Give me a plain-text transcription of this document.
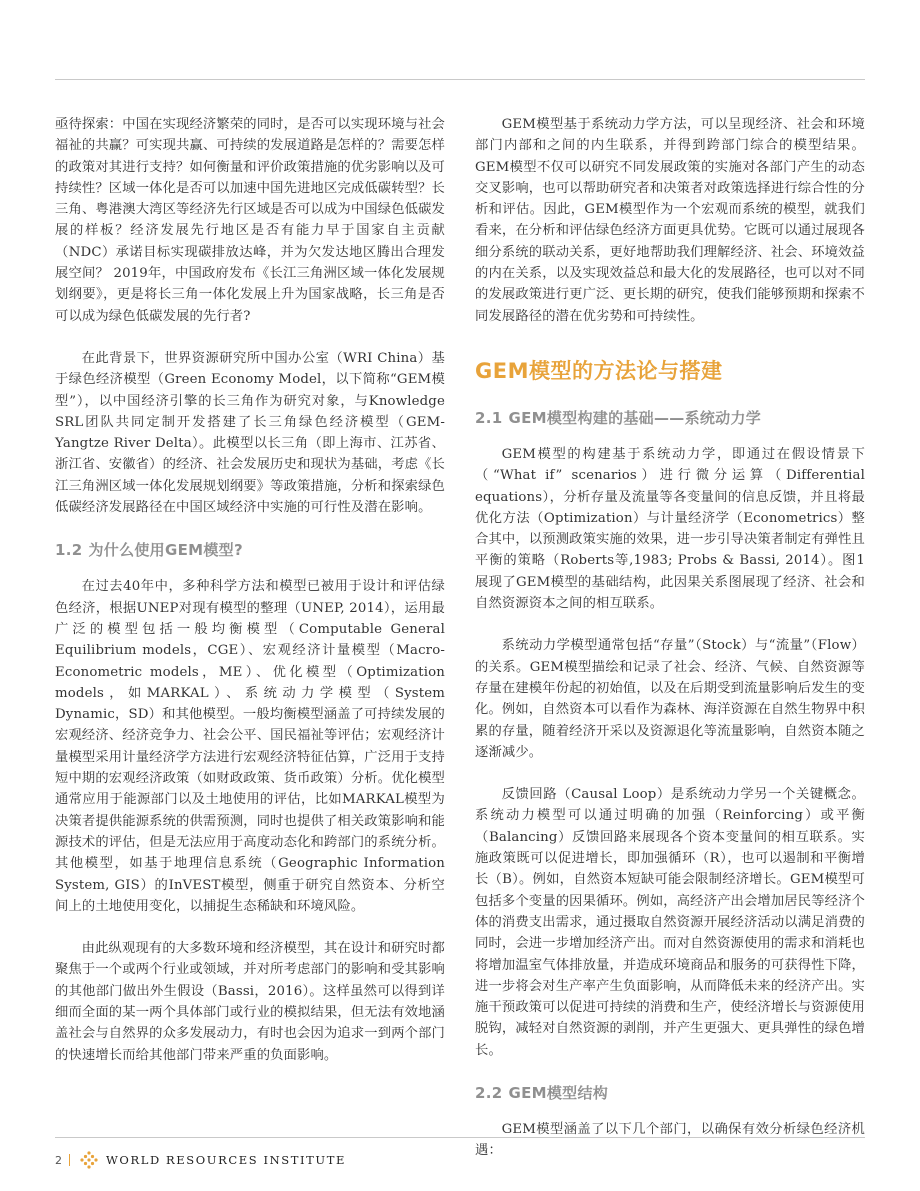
亟待探索：中国在实现经济繁荣的同时，是否可以实现环境与社会福祉的共赢？可实现共赢、可持续的发展道路是怎样的？需要怎样的政策对其进行支持？如何衡量和评价政策措施的优劣影响以及可持续性？区域一体化是否可以加速中国先进地区完成低碳转型？长三角、粤港澳大湾区等经济先行区域是否可以成为中国绿色低碳发展的样板？经济发展先行地区是否有能力早于国家自主贡献（NDC）承诺目标实现碳排放达峰，并为欠发达地区腾出合理发展空间？ 2019年，中国政府发布《长江三角洲区域一体化发展规划纲要》，更是将长三角一体化发展上升为国家战略，长三角是否可以成为绿色低碳发展的先行者?

在此背景下，世界资源研究所中国办公室（WRI China）基于绿色经济模型（Green Economy Model，以下简称“GEM模型”），以中国经济引擎的长三角作为研究对象，与Knowledge SRL团队共同定制开发搭建了长三角绿色经济模型（GEM-Yangtze River Delta）。此模型以长三角（即上海市、江苏省、浙江省、安徽省）的经济、社会发展历史和现状为基础，考虑《长江三角洲区域一体化发展规划纲要》等政策措施，分析和探索绿色低碳经济发展路径在中国区域经济中实施的可行性及潜在影响。

1.2 为什么使用GEM模型?

在过去40年中，多种科学方法和模型已被用于设计和评估绿色经济，根据UNEP对现有模型的整理（UNEP, 2014），运用最广泛的模型包括一般均衡模型（Computable General Equilibrium models，CGE）、宏观经济计量模型（Macro-Econometric models，ME）、优化模型（Optimization models，如MARKAL）、系统动力学模型（System Dynamic，SD）和其他模型。一般均衡模型涵盖了可持续发展的宏观经济、经济竞争力、社会公平、国民福祉等评估；宏观经济计量模型采用计量经济学方法进行宏观经济特征估算，广泛用于支持短中期的宏观经济政策（如财政政策、货币政策）分析。优化模型通常应用于能源部门以及土地使用的评估，比如MARKAL模型为决策者提供能源系统的供需预测，同时也提供了相关政策影响和能源技术的评估，但是无法应用于高度动态化和跨部门的系统分析。其他模型，如基于地理信息系统（Geographic Information System, GIS）的InVEST模型，侧重于研究自然资本、分析空间上的土地使用变化，以捕捉生态稀缺和环境风险。

由此纵观现有的大多数环境和经济模型，其在设计和研究时都聚焦于一个或两个行业或领域，并对所考虑部门的影响和受其影响的其他部门做出外生假设（Bassi，2016）。这样虽然可以得到详细而全面的某一两个具体部门或行业的模拟结果，但无法有效地涵盖社会与自然界的众多发展动力，有时也会因为追求一到两个部门的快速增长而给其他部门带来严重的负面影响。

GEM模型基于系统动力学方法，可以呈现经济、社会和环境部门内部和之间的内生联系，并得到跨部门综合的模型结果。GEM模型不仅可以研究不同发展政策的实施对各部门产生的动态交叉影响，也可以帮助研究者和决策者对政策选择进行综合性的分析和评估。因此，GEM模型作为一个宏观而系统的模型，就我们看来，在分析和评估绿色经济方面更具优势。它既可以通过展现各细分系统的联动关系，更好地帮助我们理解经济、社会、环境效益的内在关系，以及实现效益总和最大化的发展路径，也可以对不同的发展政策进行更广泛、更长期的研究，使我们能够预期和探索不同发展路径的潜在优劣势和可持续性。

GEM模型的方法论与搭建
2.1 GEM模型构建的基础——系统动力学

GEM模型的构建基于系统动力学，即通过在假设情景下（“What if” scenarios）进行微分运算（Differential equations），分析存量及流量等各变量间的信息反馈，并且将最优化方法（Optimization）与计量经济学（Econometrics）整合其中，以预测政策实施的效果，进一步引导决策者制定有弹性且平衡的策略（Roberts等,1983; Probs & Bassi, 2014）。图1展现了GEM模型的基础结构，此因果关系图展现了经济、社会和自然资源资本之间的相互联系。

系统动力学模型通常包括“存量”（Stock）与“流量”（Flow）的关系。GEM模型描绘和记录了社会、经济、气候、自然资源等存量在建模年份起的初始值，以及在后期受到流量影响后发生的变化。例如，自然资本可以看作为森林、海洋资源在自然生物界中积累的存量，随着经济开采以及资源退化等流量影响，自然资本随之逐渐减少。

反馈回路（Causal Loop）是系统动力学另一个关键概念。系统动力模型可以通过明确的加强（Reinforcing）或平衡（Balancing）反馈回路来展现各个资本变量间的相互联系。实施政策既可以促进增长，即加强循环（R），也可以遏制和平衡增长（B）。例如，自然资本短缺可能会限制经济增长。GEM模型可包括多个变量的因果循环。例如，高经济产出会增加居民等经济个体的消费支出需求，通过摄取自然资源开展经济活动以满足消费的同时，会进一步增加经济产出。而对自然资源使用的需求和消耗也将增加温室气体排放量，并造成环境商品和服务的可获得性下降，进一步将会对生产率产生负面影响，从而降低未来的经济产出。实施干预政策可以促进可持续的消费和生产，使经济增长与资源使用脱钩，减轻对自然资源的剥削，并产生更强大、更具弹性的绿色增长。

2.2 GEM模型结构

GEM模型涵盖了以下几个部门，以确保有效分析绿色经济机遇：

2	WORLD RESOURCES INSTITUTE
